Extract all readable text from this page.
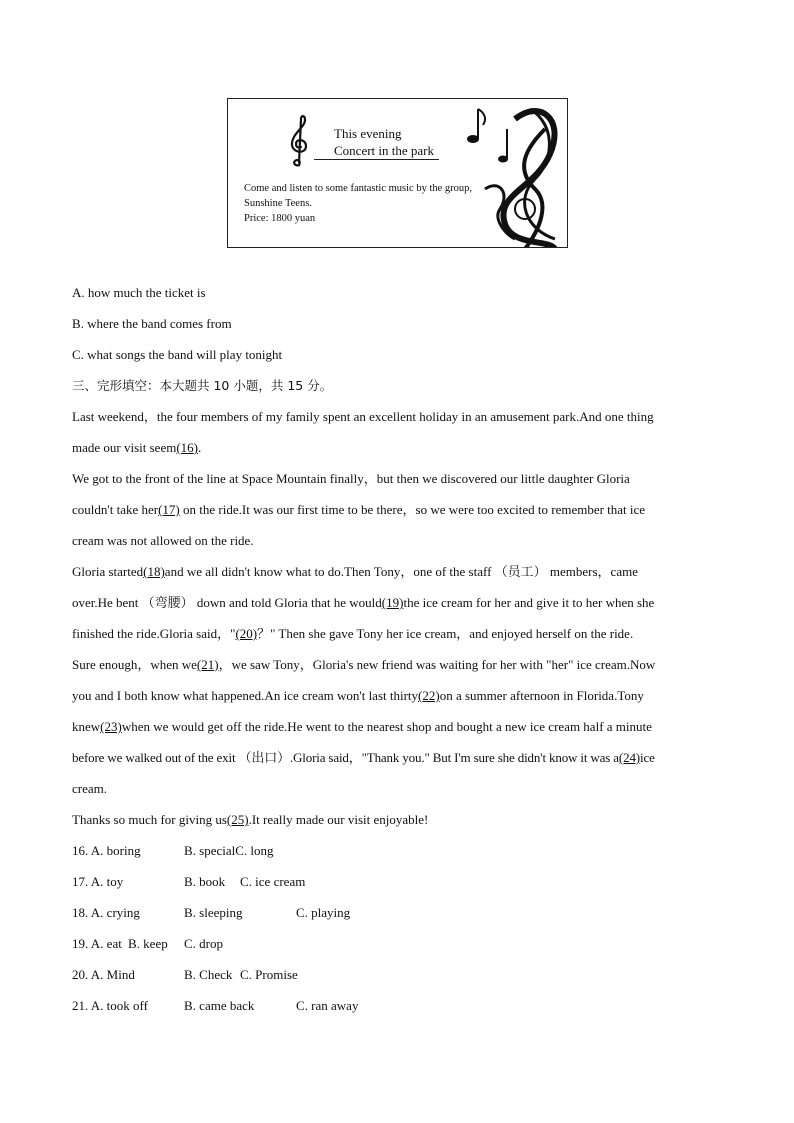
This evening
Concert in the park
Come and listen to some fantastic music by the group,
Sunshine Teens.
Price: 1800 yuan
A. how much the ticket is
B. where the band comes from
C. what songs the band will play tonight
三、完形填空：本大题共 10 小题，共 15 分。
Last weekend，the four members of my family spent an excellent holiday in an amusement park.And one thing
made our visit seem(16).
We got to the front of the line at Space Mountain finally，but then we discovered our little daughter Gloria
couldn't take her(17) on the ride.It was our first time to be there，so we were too excited to remember that ice
cream was not allowed on the ride.
Gloria started(18)and we all didn't know what to do.Then Tony，one of the staff （员工） members，came
over.He bent （弯腰） down and told Gloria that he would(19)the ice cream for her and give it to her when she
finished the ride.Gloria said，"(20)？" Then she gave Tony her ice cream，and enjoyed herself on the ride.
Sure enough，when we(21)，we saw Tony，Gloria's new friend was waiting for her with "her" ice cream.Now
you and I both know what happened.An ice cream won't last thirty(22)on a summer afternoon in Florida.Tony
knew(23)when we would get off the ride.He went to the nearest shop and bought a new ice cream half a minute
before we walked out of the exit （出口）.Gloria said，"Thank you." But I'm sure she didn't know it was a(24)ice
cream.
Thanks so much for giving us(25).It really made our visit enjoyable!
16. A. boring	B. specialC. long
17. A. toy	B. book C. ice cream
18. A. crying	B. sleeping	C. playing
19. A. eat B. keep C. drop
20. A. Mind	B. Check C. Promise
21. A. took off	B. came back	C. ran away
